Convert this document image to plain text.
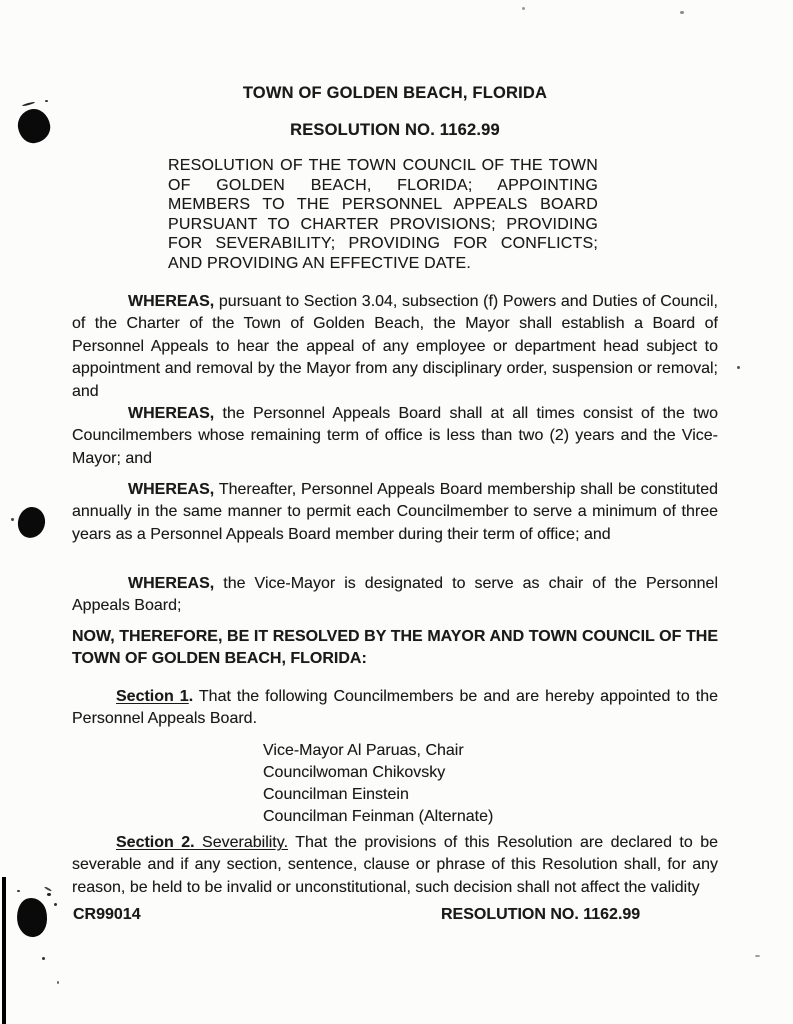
TOWN OF GOLDEN BEACH, FLORIDA
RESOLUTION NO. 1162.99

RESOLUTION OF THE TOWN COUNCIL OF THE TOWN OF GOLDEN BEACH, FLORIDA; APPOINTING MEMBERS TO THE PERSONNEL APPEALS BOARD PURSUANT TO CHARTER PROVISIONS; PROVIDING FOR SEVERABILITY; PROVIDING FOR CONFLICTS; AND PROVIDING AN EFFECTIVE DATE.

WHEREAS, pursuant to Section 3.04, subsection (f) Powers and Duties of Council, of the Charter of the Town of Golden Beach, the Mayor shall establish a Board of Personnel Appeals to hear the appeal of any employee or department head subject to appointment and removal by the Mayor from any disciplinary order, suspension or removal; and

WHEREAS, the Personnel Appeals Board shall at all times consist of the two Councilmembers whose remaining term of office is less than two (2) years and the Vice-Mayor; and

WHEREAS, Thereafter, Personnel Appeals Board membership shall be constituted annually in the same manner to permit each Councilmember to serve a minimum of three years as a Personnel Appeals Board member during their term of office; and

WHEREAS, the Vice-Mayor is designated to serve as chair of the Personnel Appeals Board;

NOW, THEREFORE, BE IT RESOLVED BY THE MAYOR AND TOWN COUNCIL OF THE TOWN OF GOLDEN BEACH, FLORIDA:

Section 1. That the following Councilmembers be and are hereby appointed to the Personnel Appeals Board.

Vice-Mayor Al Paruas, Chair
Councilwoman Chikovsky
Councilman Einstein
Councilman Feinman (Alternate)

Section 2. Severability. That the provisions of this Resolution are declared to be severable and if any section, sentence, clause or phrase of this Resolution shall, for any reason, be held to be invalid or unconstitutional, such decision shall not affect the validity

CR99014	RESOLUTION NO. 1162.99
